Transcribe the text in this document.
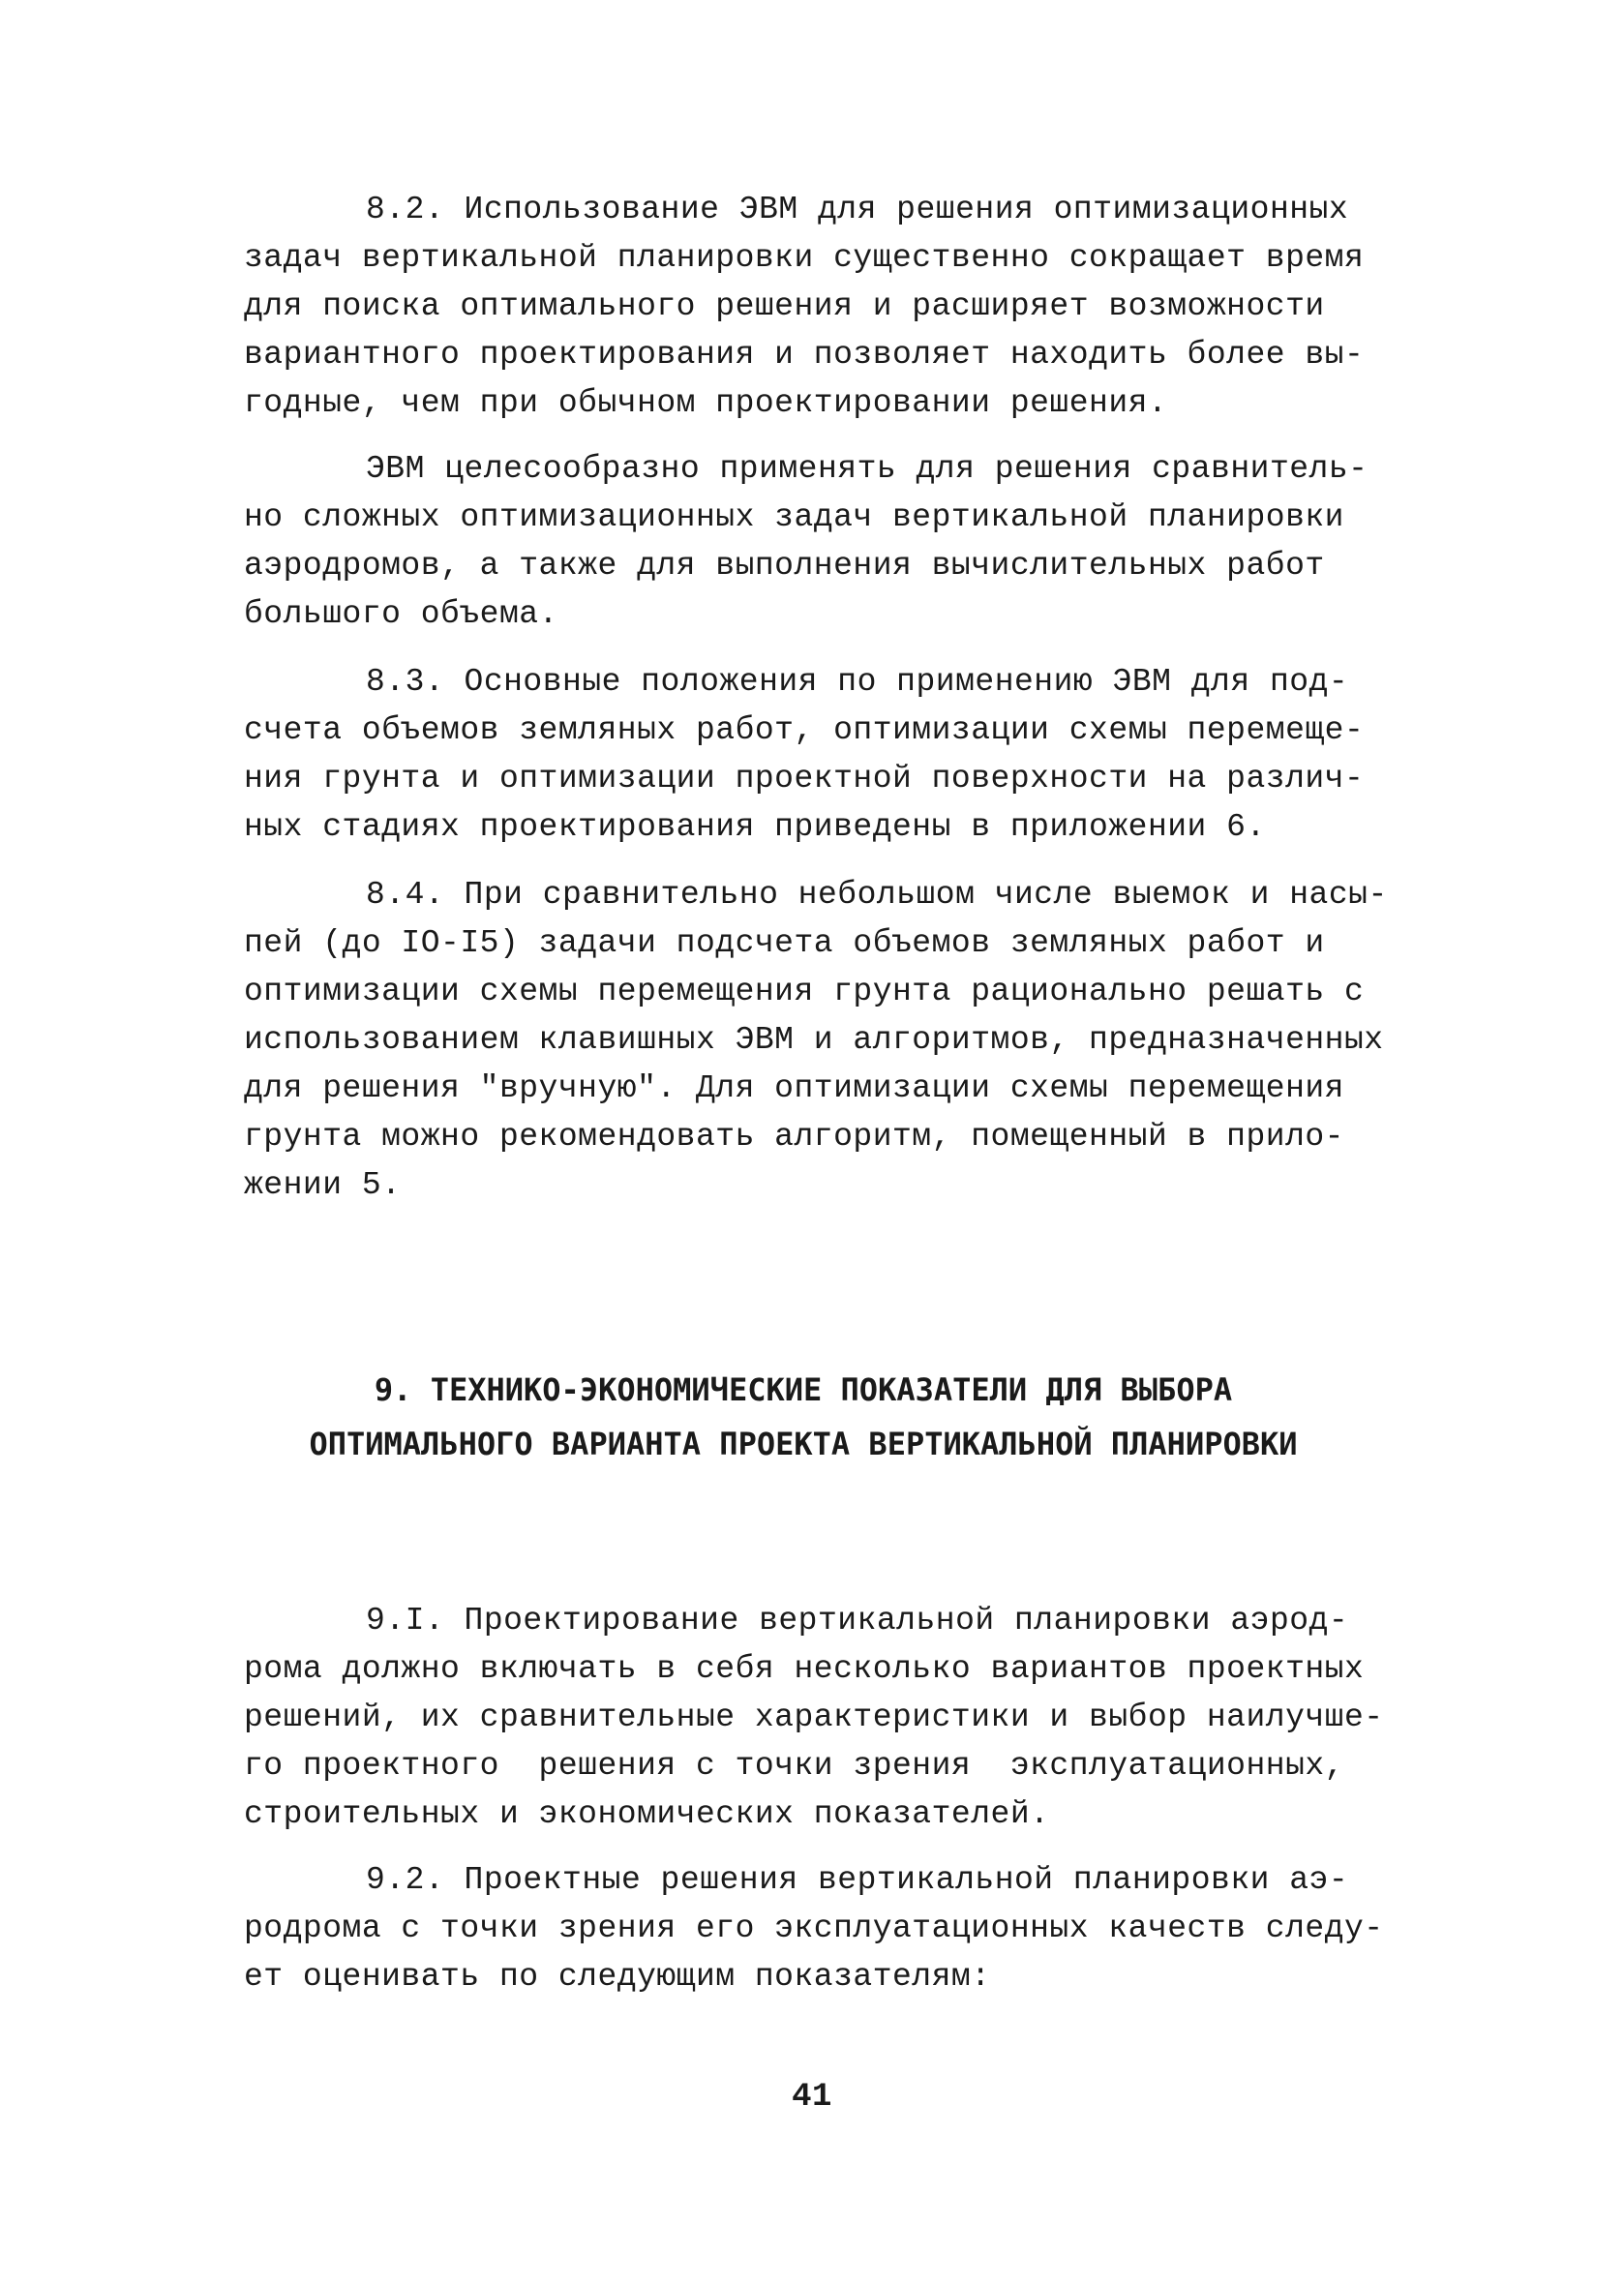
8.2. Использование ЭВМ для решения оптимизационных
задач вертикальной планировки существенно сокращает время
для поиска оптимального решения и расширяет возможности
вариантного проектирования и позволяет находить более вы-
годные, чем при обычном проектировании решения.
ЭВМ целесообразно применять для решения сравнитель-
но сложных оптимизационных задач вертикальной планировки
аэродромов, а также для выполнения вычислительных работ
большого объема.
8.3. Основные положения по применению ЭВМ для под-
счета объемов земляных работ, оптимизации схемы перемеще-
ния грунта и оптимизации проектной поверхности на различ-
ных стадиях проектирования приведены в приложении 6.
8.4. При сравнительно небольшом числе выемок и насы-
пей (до IO-I5) задачи подсчета объемов земляных работ и
оптимизации схемы перемещения грунта рационально решать с
использованием клавишных ЭВМ и алгоритмов, предназначенных
для решения "вручную". Для оптимизации схемы перемещения
грунта можно рекомендовать алгоритм, помещенный в прило-
жении 5.
9. ТЕХНИКО-ЭКОНОМИЧЕСКИЕ ПОКАЗАТЕЛИ ДЛЯ ВЫБОРА
ОПТИМАЛЬНОГО ВАРИАНТА ПРОЕКТА ВЕРТИКАЛЬНОЙ ПЛАНИРОВКИ
9.I. Проектирование вертикальной планировки аэрод-
рома должно включать в себя несколько вариантов проектных
решений, их сравнительные характеристики и выбор наилучше-
го проектного  решения с точки зрения  эксплуатационных,
строительных и экономических показателей.
9.2. Проектные решения вертикальной планировки аэ-
родрома с точки зрения его эксплуатационных качеств следу-
ет оценивать по следующим показателям:
41
